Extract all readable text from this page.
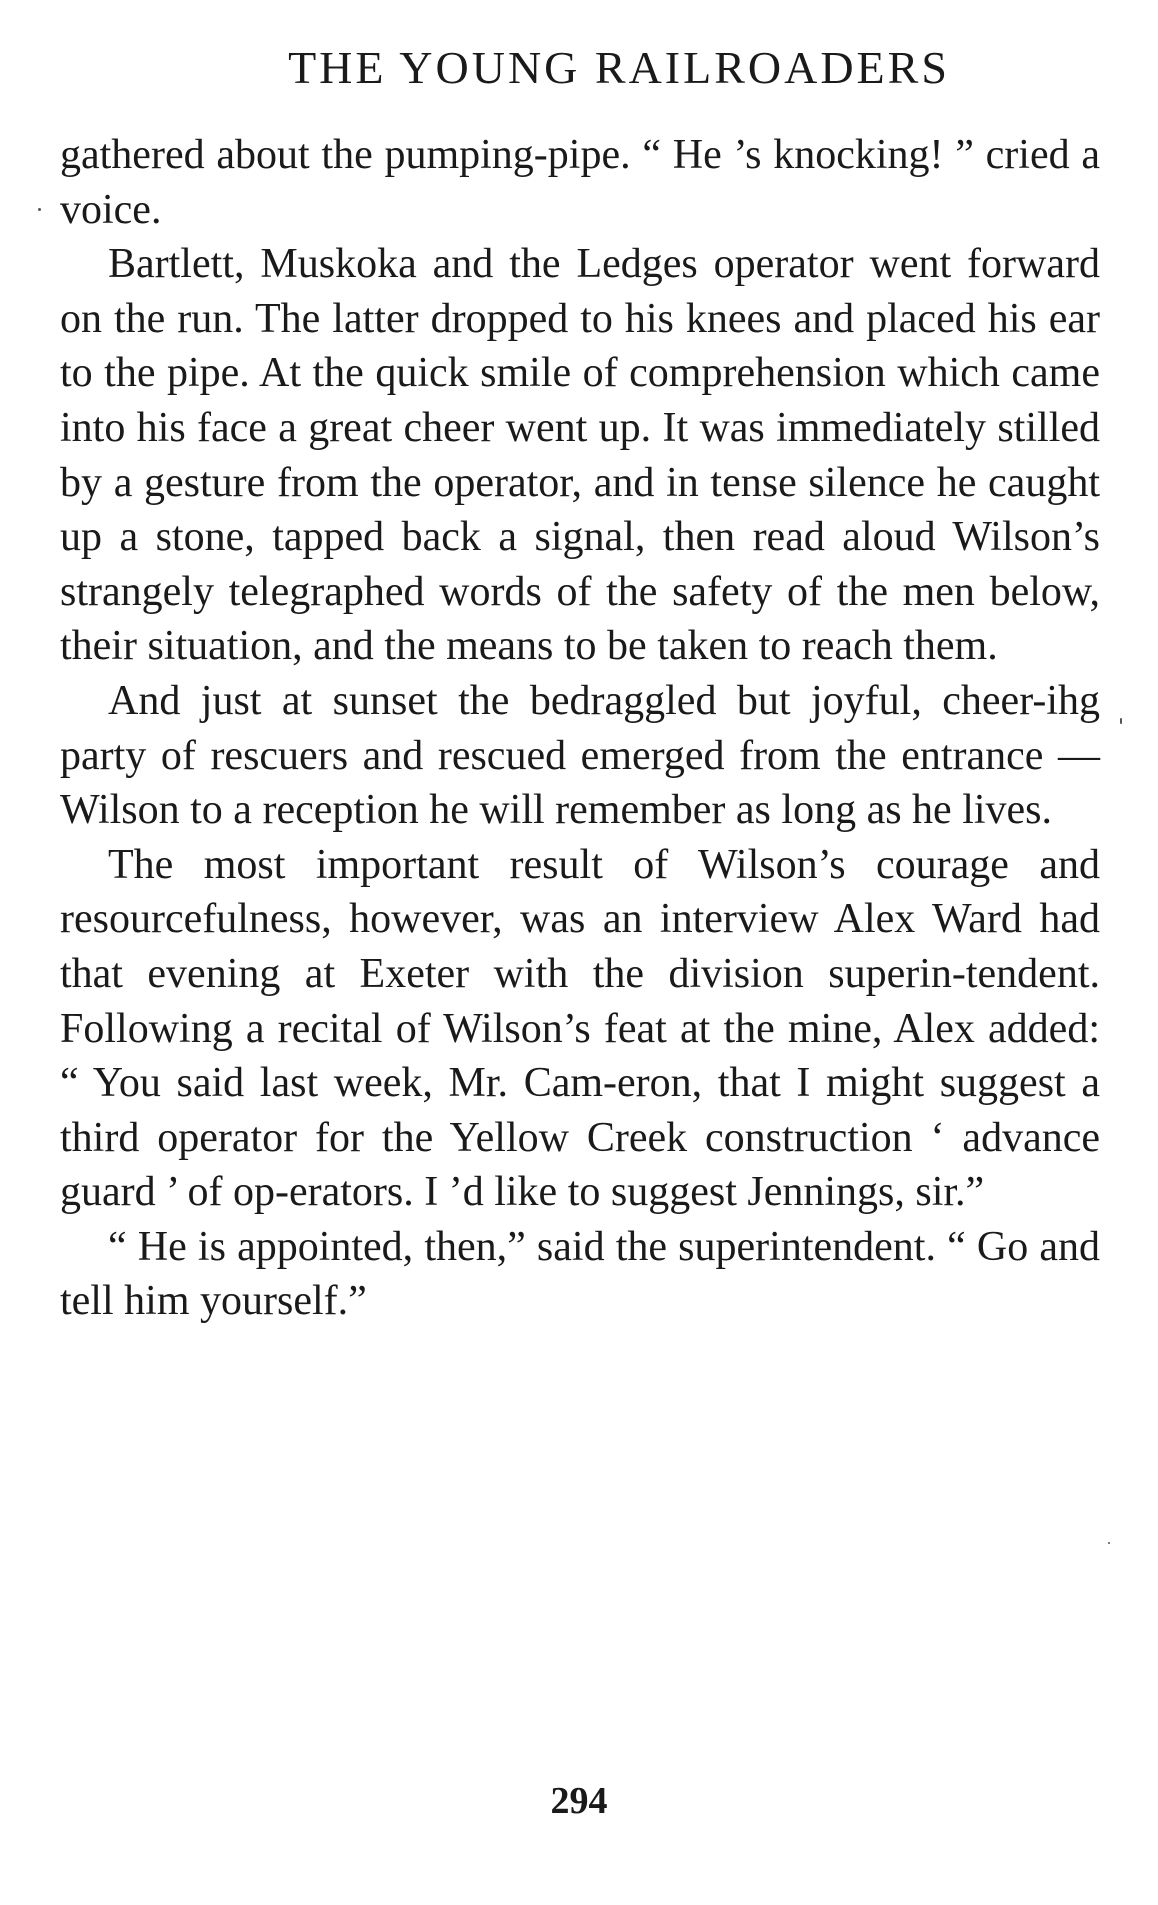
THE YOUNG RAILROADERS

gathered about the pumping-pipe. “ He ’s knocking! ” cried a voice.

Bartlett, Muskoka and the Ledges operator went forward on the run. The latter dropped to his knees and placed his ear to the pipe. At the quick smile of comprehension which came into his face a great cheer went up. It was immediately stilled by a gesture from the operator, and in tense silence he caught up a stone, tapped back a signal, then read aloud Wilson’s strangely telegraphed words of the safety of the men below, their situation, and the means to be taken to reach them.

And just at sunset the bedraggled but joyful, cheer-ihg party of rescuers and rescued emerged from the entrance — Wilson to a reception he will remember as long as he lives.

The most important result of Wilson’s courage and resourcefulness, however, was an interview Alex Ward had that evening at Exeter with the division superin-tendent. Following a recital of Wilson’s feat at the mine, Alex added: “ You said last week, Mr. Cam-eron, that I might suggest a third operator for the Yellow Creek construction ‘ advance guard ’ of op-erators. I ’d like to suggest Jennings, sir.”

“ He is appointed, then,” said the superintendent. “ Go and tell him yourself.”

294
